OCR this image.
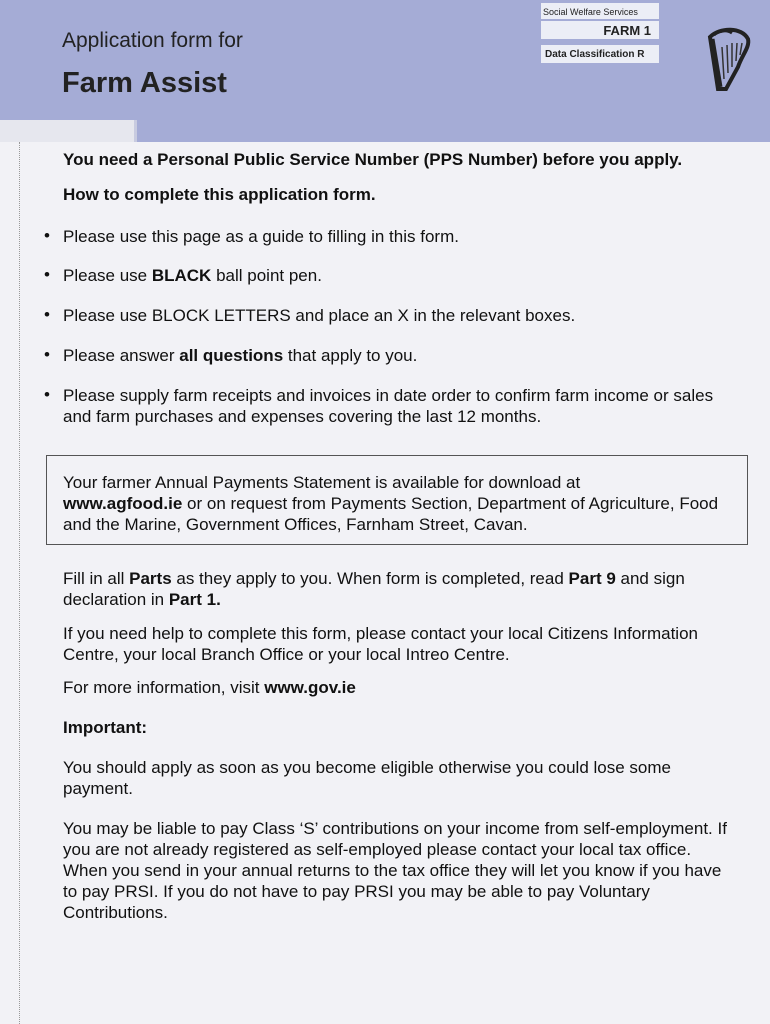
Application form for
Farm Assist
Social Welfare Services
FARM 1
Data Classification R
You need a Personal Public Service Number (PPS Number) before you apply.
How to complete this application form.
• Please use this page as a guide to filling in this form.
• Please use BLACK ball point pen.
• Please use BLOCK LETTERS and place an X in the relevant boxes.
• Please answer all questions that apply to you.
• Please supply farm receipts and invoices in date order to confirm farm income or sales and farm purchases and expenses covering the last 12 months.
Your farmer Annual Payments Statement is available for download at
www.agfood.ie or on request from Payments Section, Department of Agriculture, Food and the Marine, Government Offices, Farnham Street, Cavan.
Fill in all Parts as they apply to you. When form is completed, read Part 9 and sign declaration in Part 1.
If you need help to complete this form, please contact your local Citizens Information Centre, your local Branch Office or your local Intreo Centre.
For more information, visit www.gov.ie
Important:
You should apply as soon as you become eligible otherwise you could lose some payment.
You may be liable to pay Class ‘S’ contributions on your income from self-employment. If you are not already registered as self-employed please contact your local tax office. When you send in your annual returns to the tax office they will let you know if you have to pay PRSI. If you do not have to pay PRSI you may be able to pay Voluntary Contributions.
